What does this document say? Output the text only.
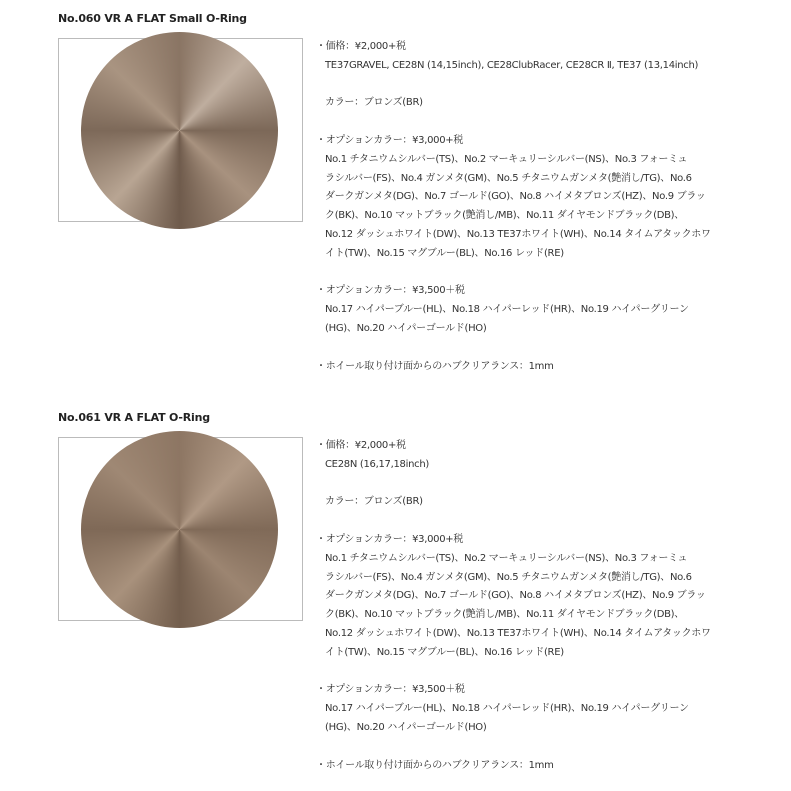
No.060 VR A FLAT Small O-Ring
・価格：¥2,000+税
TE37GRAVEL, CE28N (14,15inch), CE28ClubRacer, CE28CR Ⅱ, TE37 (13,14inch)
カラー：ブロンズ(BR)
・オプションカラー：¥3,000+税
No.1 チタニウムシルバー(TS)、No.2 マーキュリーシルバー(NS)、No.3 フォーミュ
ラシルバー(FS)、No.4 ガンメタ(GM)、No.5 チタニウムガンメタ(艶消し/TG)、No.6
ダークガンメタ(DG)、No.7 ゴールド(GO)、No.8 ハイメタブロンズ(HZ)、No.9 ブラッ
ク(BK)、No.10 マットブラック(艶消し/MB)、No.11 ダイヤモンドブラック(DB)、
No.12 ダッシュホワイト(DW)、No.13 TE37ホワイト(WH)、No.14 タイムアタックホワ
イト(TW)、No.15 マグブルー(BL)、No.16 レッド(RE)
・オプションカラー：¥3,500＋税
No.17 ハイパーブルー(HL)、No.18 ハイパーレッド(HR)、No.19 ハイパーグリーン
(HG)、No.20 ハイパーゴールド(HO)
・ホイール取り付け面からのハブクリアランス：1mm
No.061 VR A FLAT O-Ring
・価格：¥2,000+税
CE28N (16,17,18inch)
カラー：ブロンズ(BR)
・オプションカラー：¥3,000+税
No.1 チタニウムシルバー(TS)、No.2 マーキュリーシルバー(NS)、No.3 フォーミュ
ラシルバー(FS)、No.4 ガンメタ(GM)、No.5 チタニウムガンメタ(艶消し/TG)、No.6
ダークガンメタ(DG)、No.7 ゴールド(GO)、No.8 ハイメタブロンズ(HZ)、No.9 ブラッ
ク(BK)、No.10 マットブラック(艶消し/MB)、No.11 ダイヤモンドブラック(DB)、
No.12 ダッシュホワイト(DW)、No.13 TE37ホワイト(WH)、No.14 タイムアタックホワ
イト(TW)、No.15 マグブルー(BL)、No.16 レッド(RE)
・オプションカラー：¥3,500＋税
No.17 ハイパーブルー(HL)、No.18 ハイパーレッド(HR)、No.19 ハイパーグリーン
(HG)、No.20 ハイパーゴールド(HO)
・ホイール取り付け面からのハブクリアランス：1mm
